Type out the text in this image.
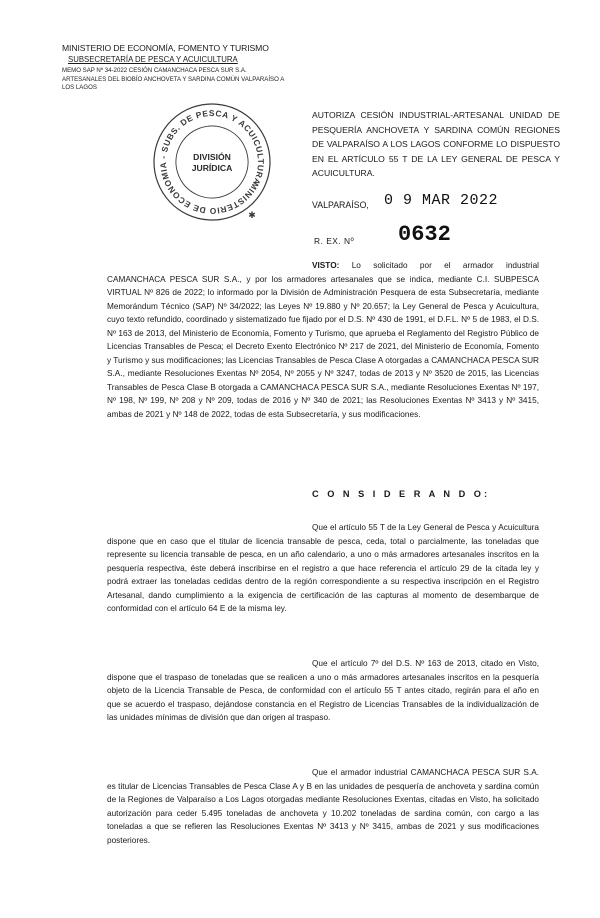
MINISTERIO DE ECONOMÍA, FOMENTO Y TURISMO
SUBSECRETARÍA DE PESCA Y ACUICULTURA
MEMO SAP Nº 34-2022 CESIÓN CAMANCHACA PESCA SUR S.A.
ARTESANALES DEL BIOBÍO ANCHOVETA Y SARDINA COMÚN VALPARAÍSO A
LOS LAGOS
MINISTERIO DE ECONOMIA - SUBS. DE PESCA Y ACUICULTURA
DIVISIÓN
JURÍDICA
✱
AUTORIZA CESIÓN INDUSTRIAL-ARTESANAL UNIDAD DE PESQUERÍA ANCHOVETA Y SARDINA COMÚN REGIONES DE VALPARAÍSO A LOS LAGOS CONFORME LO DISPUESTO EN EL ARTÍCULO 55 T DE LA LEY GENERAL DE PESCA Y ACUICULTURA.
VALPARAÍSO, 0 9 MAR 2022
R. EX. Nº 0632

VISTO: Lo solicitado por el armador industrial CAMANCHACA PESCA SUR S.A., y por los armadores artesanales que se indica, mediante C.I. SUBPESCA VIRTUAL Nº 826 de 2022; lo informado por la División de Administración Pesquera de esta Subsecretaría, mediante Memorándum Técnico (SAP) Nº 34/2022; las Leyes Nº 19.880 y Nº 20.657; la Ley General de Pesca y Acuicultura, cuyo texto refundido, coordinado y sistematizado fue fijado por el D.S. Nº 430 de 1991, el D.F.L. Nº 5 de 1983, el D.S. Nº 163 de 2013, del Ministerio de Economía, Fomento y Turismo, que aprueba el Reglamento del Registro Público de Licencias Transables de Pesca; el Decreto Exento Electrónico Nº 217 de 2021, del Ministerio de Economía, Fomento y Turismo y sus modificaciones; las Licencias Transables de Pesca Clase A otorgadas a CAMANCHACA PESCA SUR S.A., mediante Resoluciones Exentas Nº 2054, Nº 2055 y Nº 3247, todas de 2013 y Nº 3520 de 2015, las Licencias Transables de Pesca Clase B otorgada a CAMANCHACA PESCA SUR S.A., mediante Resoluciones Exentas Nº 197, Nº 198, Nº 199, Nº 208 y Nº 209, todas de 2016 y Nº 340 de 2021; las Resoluciones Exentas Nº 3413 y Nº 3415, ambas de 2021 y Nº 148 de 2022, todas de esta Subsecretaría, y sus modificaciones.

C O N S I D E R A N D O:

Que el artículo 55 T de la Ley General de Pesca y Acuicultura dispone que en caso que el titular de licencia transable de pesca, ceda, total o parcialmente, las toneladas que represente su licencia transable de pesca, en un año calendario, a uno o más armadores artesanales inscritos en la pesquería respectiva, éste deberá inscribirse en el registro a que hace referencia el artículo 29 de la citada ley y podrá extraer las toneladas cedidas dentro de la región correspondiente a su respectiva inscripción en el Registro Artesanal, dando cumplimiento a la exigencia de certificación de las capturas al momento de desembarque de conformidad con el artículo 64 E de la misma ley.

Que el artículo 7º del D.S. Nº 163 de 2013, citado en Visto, dispone que el traspaso de toneladas que se realicen a uno o más armadores artesanales inscritos en la pesquería objeto de la Licencia Transable de Pesca, de conformidad con el artículo 55 T antes citado, regirán para el año en que se acuerdo el traspaso, dejándose constancia en el Registro de Licencias Transables de la individualización de las unidades mínimas de división que dan origen al traspaso.

Que el armador industrial CAMANCHACA PESCA SUR S.A. es titular de Licencias Transables de Pesca Clase A y B en las unidades de pesquería de anchoveta y sardina común de la Regiones de Valparaíso a Los Lagos otorgadas mediante Resoluciones Exentas, citadas en Visto, ha solicitado autorización para ceder 5.495 toneladas de anchoveta y 10.202 toneladas de sardina común, con cargo a las toneladas a que se refieren las Resoluciones Exentas Nº 3413 y Nº 3415, ambas de 2021 y sus modificaciones posteriores.
